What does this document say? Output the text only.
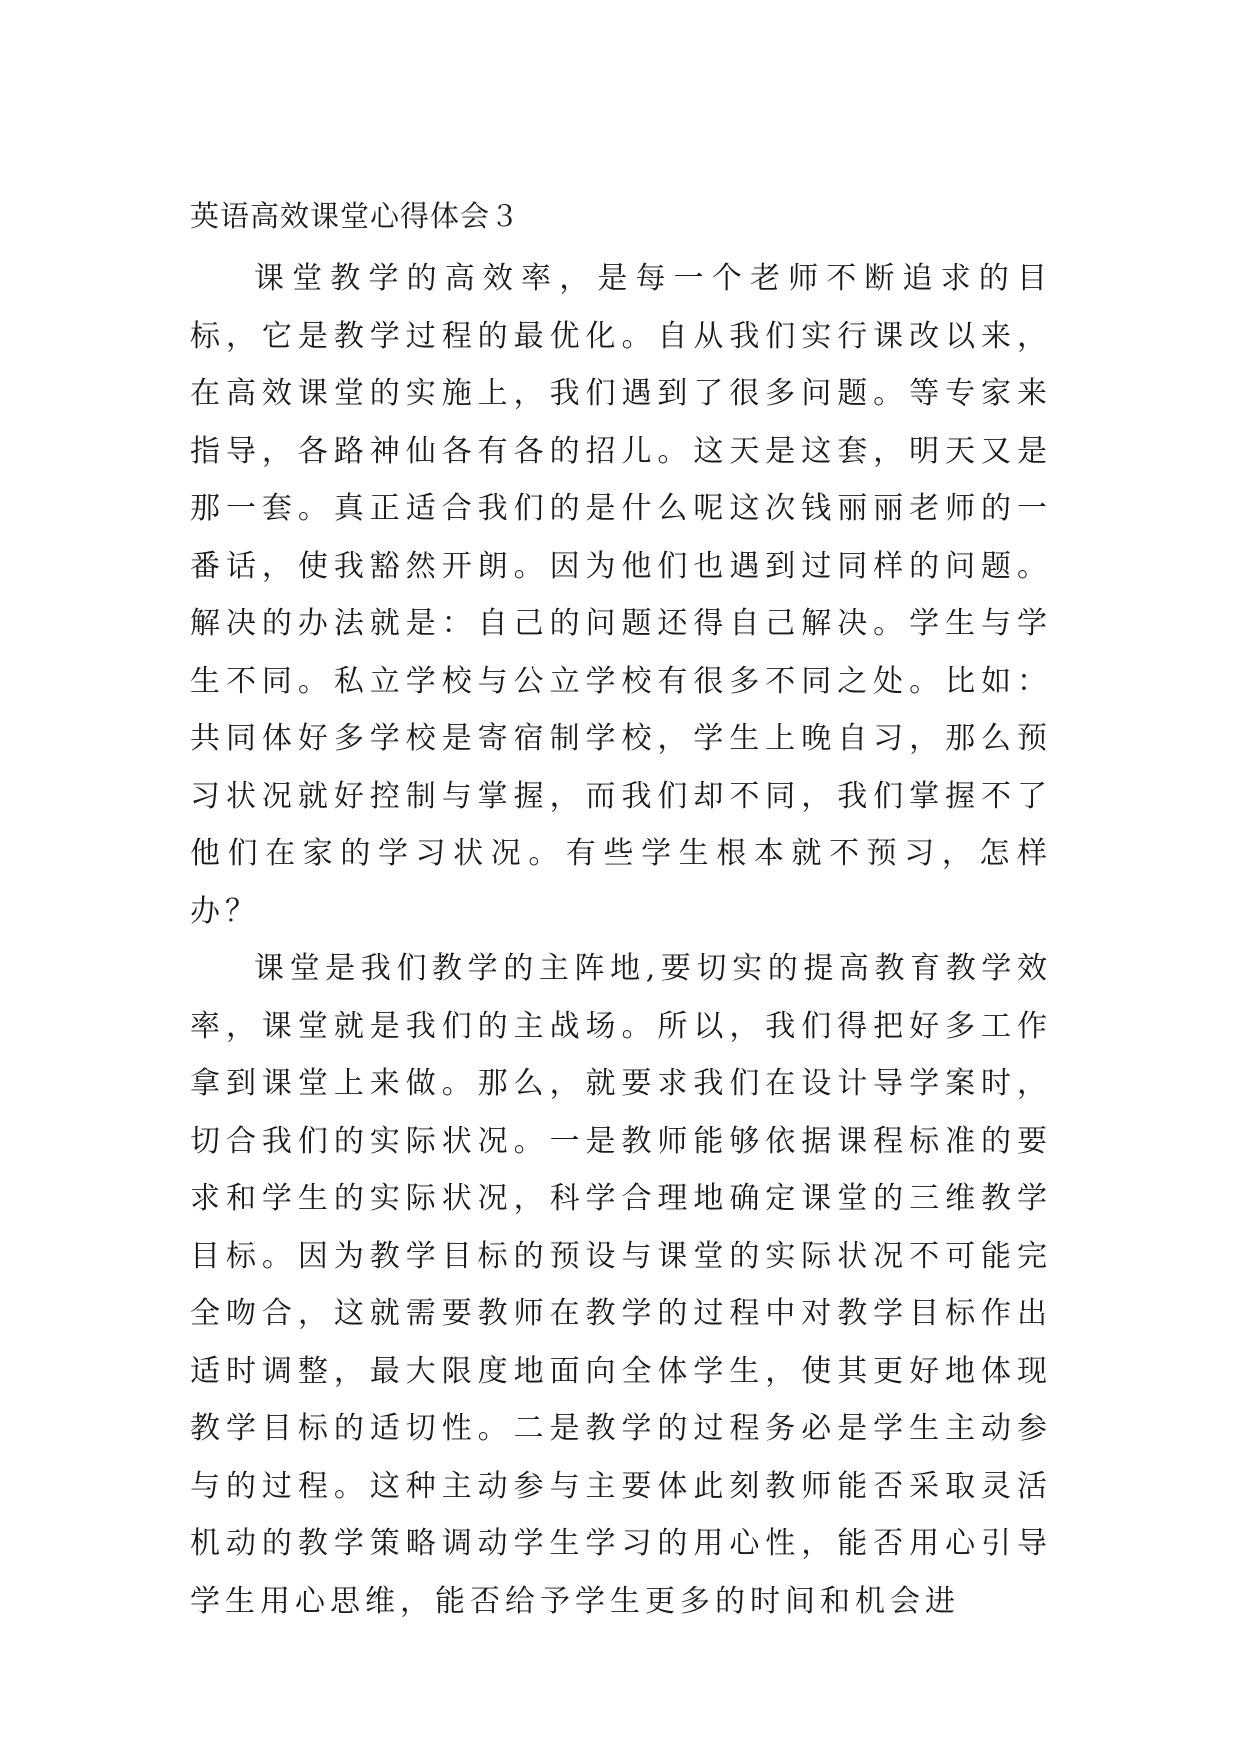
英语高效课堂心得体会３

课堂教学的高效率，是每一个老师不断追求的目标，它是教学过程的最优化。自从我们实行课改以来，在高效课堂的实施上，我们遇到了很多问题。等专家来指导，各路神仙各有各的招儿。这天是这套，明天又是那一套。真正适合我们的是什么呢这次钱丽丽老师的一番话，使我豁然开朗。因为他们也遇到过同样的问题。解决的办法就是：自己的问题还得自己解决。学生与学生不同。私立学校与公立学校有很多不同之处。比如：共同体好多学校是寄宿制学校，学生上晚自习，那么预习状况就好控制与掌握，而我们却不同，我们掌握不了他们在家的学习状况。有些学生根本就不预习，怎样办？

课堂是我们教学的主阵地,要切实的提高教育教学效率，课堂就是我们的主战场。所以，我们得把好多工作拿到课堂上来做。那么，就要求我们在设计导学案时，切合我们的实际状况。一是教师能够依据课程标准的要求和学生的实际状况，科学合理地确定课堂的三维教学目标。因为教学目标的预设与课堂的实际状况不可能完全吻合，这就需要教师在教学的过程中对教学目标作出适时调整，最大限度地面向全体学生，使其更好地体现教学目标的适切性。二是教学的过程务必是学生主动参与的过程。这种主动参与主要体此刻教师能否采取灵活机动的教学策略调动学生学习的用心性，能否用心引导学生用心思维，能否给予学生更多的时间和机会进
